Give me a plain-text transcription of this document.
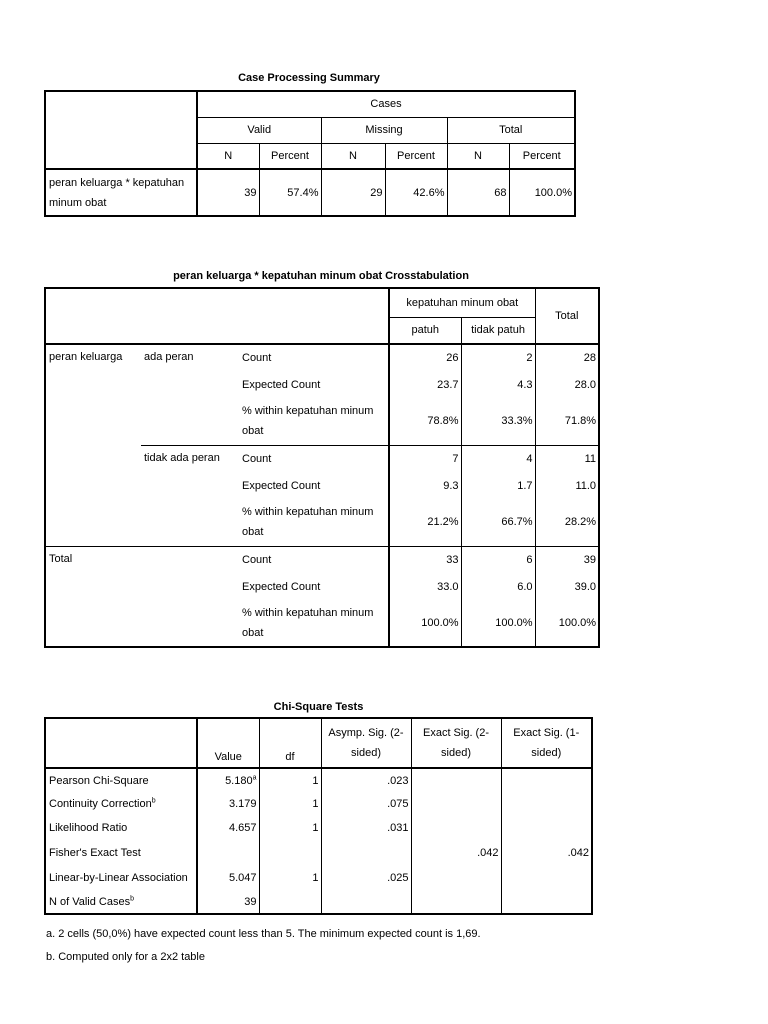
Case Processing Summary
	Cases					
	Valid		Missing		Total	
	N	Percent	N	Percent	N	Percent
peran keluarga * kepatuhan minum obat	39	57.4%	29	42.6%	68	100.0%
peran keluarga * kepatuhan minum obat Crosstabulation
			kepatuhan minum obat		Total
			patuh	tidak patuh	
peran keluarga	ada peran	Count	26	2	28
		Expected Count	23.7	4.3	28.0
		% within kepatuhan minum obat	78.8%	33.3%	71.8%
	tidak ada peran	Count	7	4	11
		Expected Count	9.3	1.7	11.0
		% within kepatuhan minum obat	21.2%	66.7%	28.2%
Total		Count	33	6	39
		Expected Count	33.0	6.0	39.0
		% within kepatuhan minum obat	100.0%	100.0%	100.0%
Chi-Square Tests
	Value	df	Asymp. Sig. (2-sided)	Exact Sig. (2-sided)	Exact Sig. (1-sided)
Pearson Chi-Square	5.180$^a$	1	.023		
Continuity Correction$^b$	3.179	1	.075		
Likelihood Ratio	4.657	1	.031		
Fisher's Exact Test				.042	.042
Linear-by-Linear Association	5.047	1	.025		
N of Valid Cases$^b$	39				
a. 2 cells (50,0%) have expected count less than 5. The minimum expected count is 1,69.
b. Computed only for a 2x2 table
